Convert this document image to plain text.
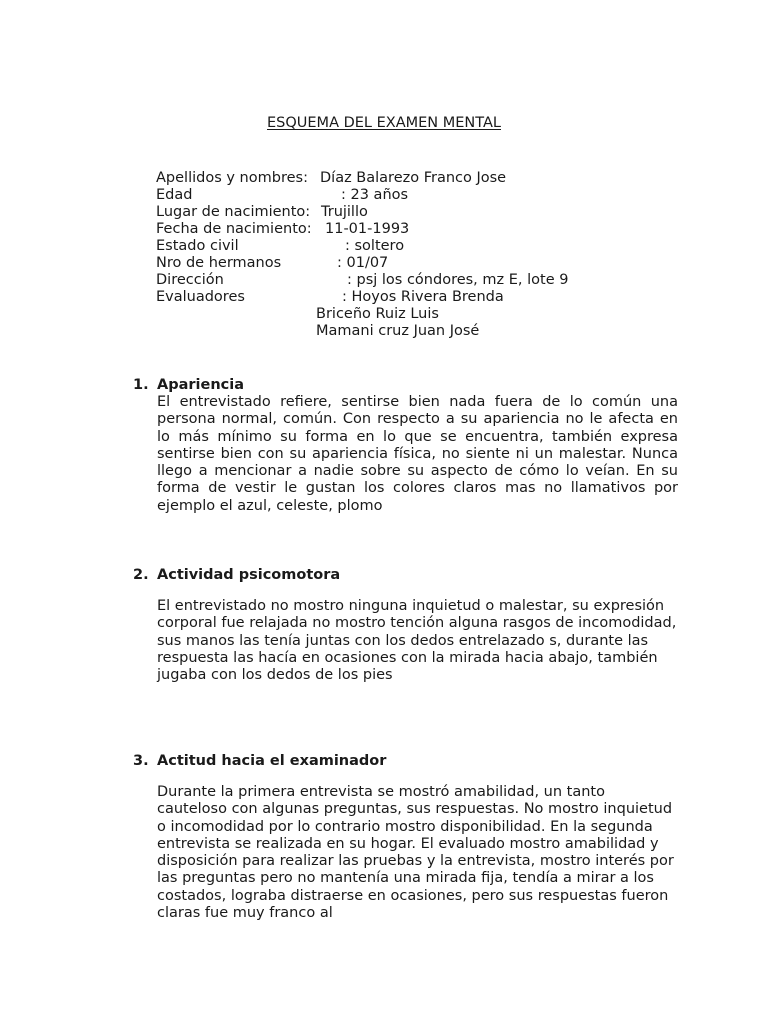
ESQUEMA DEL EXAMEN MENTAL
Apellidos y nombres: Díaz Balarezo Franco Jose
Edad	: 23 años
Lugar de nacimiento: Trujillo
Fecha de nacimiento: 11-01-1993
Estado civil	: soltero
Nro de hermanos	: 01/07
Dirección	: psj los cóndores, mz E, lote 9
Evaluadores	: Hoyos Rivera Brenda
Briceño Ruiz Luis
Mamani cruz Juan José
1. Apariencia
El entrevistado refiere, sentirse bien nada fuera de lo común una persona normal, común. Con respecto a su apariencia no le afecta en lo más mínimo su forma en lo que se encuentra, también expresa sentirse bien con su apariencia física, no siente ni un malestar. Nunca llego a mencionar a nadie sobre su aspecto de cómo lo veían. En su forma de vestir le gustan los colores claros mas no llamativos por ejemplo el azul, celeste, plomo
2. Actividad psicomotora
El entrevistado no mostro ninguna inquietud o malestar, su expresión corporal fue relajada no mostro tención alguna rasgos de incomodidad, sus manos las tenía juntas con los dedos entrelazado s, durante las respuesta las hacía en ocasiones con la mirada hacia abajo, también jugaba con los dedos de los pies
3. Actitud hacia el examinador
Durante la primera entrevista se mostró amabilidad, un tanto cauteloso con algunas preguntas, sus respuestas. No mostro inquietud o incomodidad por lo contrario mostro disponibilidad. En la segunda entrevista se realizada en su hogar. El evaluado mostro amabilidad y disposición para realizar las pruebas y la entrevista, mostro interés por las preguntas pero no mantenía una mirada fija, tendía a mirar a los costados, lograba distraerse en ocasiones, pero sus respuestas fueron claras fue muy franco al
